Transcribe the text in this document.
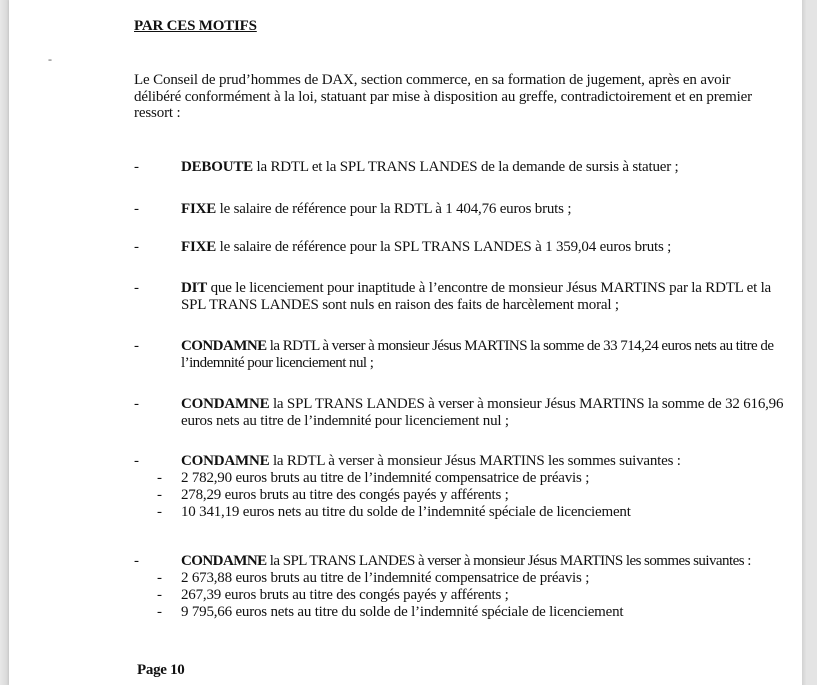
PAR CES MOTIFS
-
Le Conseil de prud’hommes de DAX, section commerce, en sa formation de jugement, après en avoir délibéré conformément à la loi, statuant par mise à disposition au greffe, contradictoirement et en premier ressort :
-	DEBOUTE la RDTL et la SPL TRANS LANDES de la demande de sursis à statuer ;
-	FIXE le salaire de référence pour la RDTL à 1 404,76 euros bruts ;
-	FIXE le salaire de référence pour la SPL TRANS LANDES à 1 359,04 euros bruts ;
-	DIT que le licenciement pour inaptitude à l’encontre de monsieur Jésus MARTINS par la RDTL et la SPL TRANS LANDES sont nuls en raison des faits de harcèlement moral ;
-	CONDAMNE la RDTL à verser à monsieur Jésus MARTINS la somme de 33 714,24 euros nets au titre de l’indemnité pour licenciement nul ;
-	CONDAMNE la SPL TRANS LANDES à verser à monsieur Jésus MARTINS la somme de 32 616,96 euros nets au titre de l’indemnité pour licenciement nul ;
-	CONDAMNE la RDTL à verser à monsieur Jésus MARTINS les sommes suivantes :
- 2 782,90 euros bruts au titre de l’indemnité compensatrice de préavis ;
- 278,29 euros bruts au titre des congés payés y afférents ;
- 10 341,19 euros nets au titre du solde de l’indemnité spéciale de licenciement
-	CONDAMNE la SPL TRANS LANDES à verser à monsieur Jésus MARTINS les sommes suivantes :
- 2 673,88 euros bruts au titre de l’indemnité compensatrice de préavis ;
- 267,39 euros bruts au titre des congés payés y afférents ;
- 9 795,66 euros nets au titre du solde de l’indemnité spéciale de licenciement
Page 10
